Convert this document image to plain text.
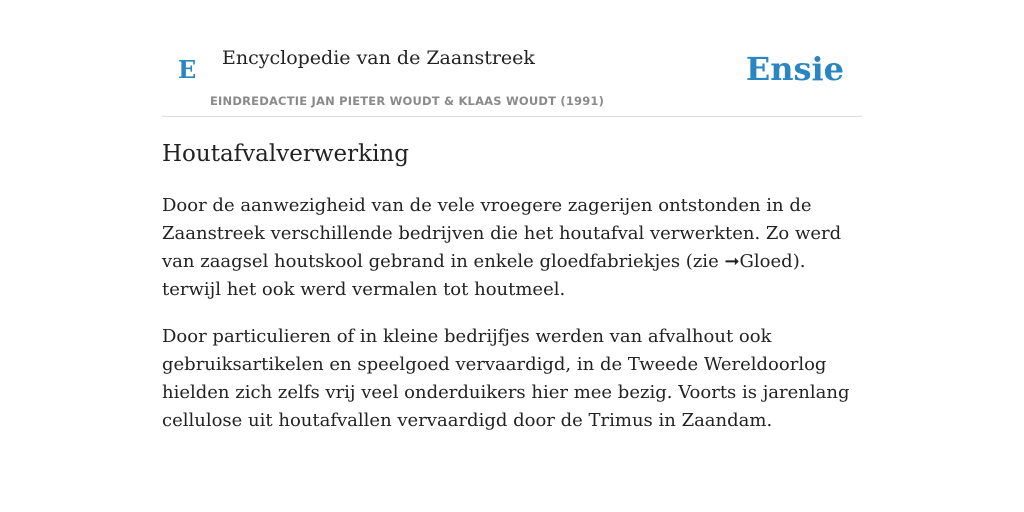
E Encyclopedie van de Zaanstreek
EINDREDACTIE JAN PIETER WOUDT & KLAAS WOUDT (1991)
Ensie
Houtafvalverwerking

Door de aanwezigheid van de vele vroegere zagerijen ontstonden in de Zaanstreek verschillende bedrijven die het houtafval verwerkten. Zo werd van zaagsel houtskool gebrand in enkele gloedfabriekjes (zie ➞Gloed). terwijl het ook werd vermalen tot houtmeel.

Door particulieren of in kleine bedrijfjes werden van afvalhout ook gebruiksartikelen en speelgoed vervaardigd, in de Tweede Wereldoorlog hielden zich zelfs vrij veel onderduikers hier mee bezig. Voorts is jarenlang cellulose uit houtafvallen vervaardigd door de Trimus in Zaandam.
